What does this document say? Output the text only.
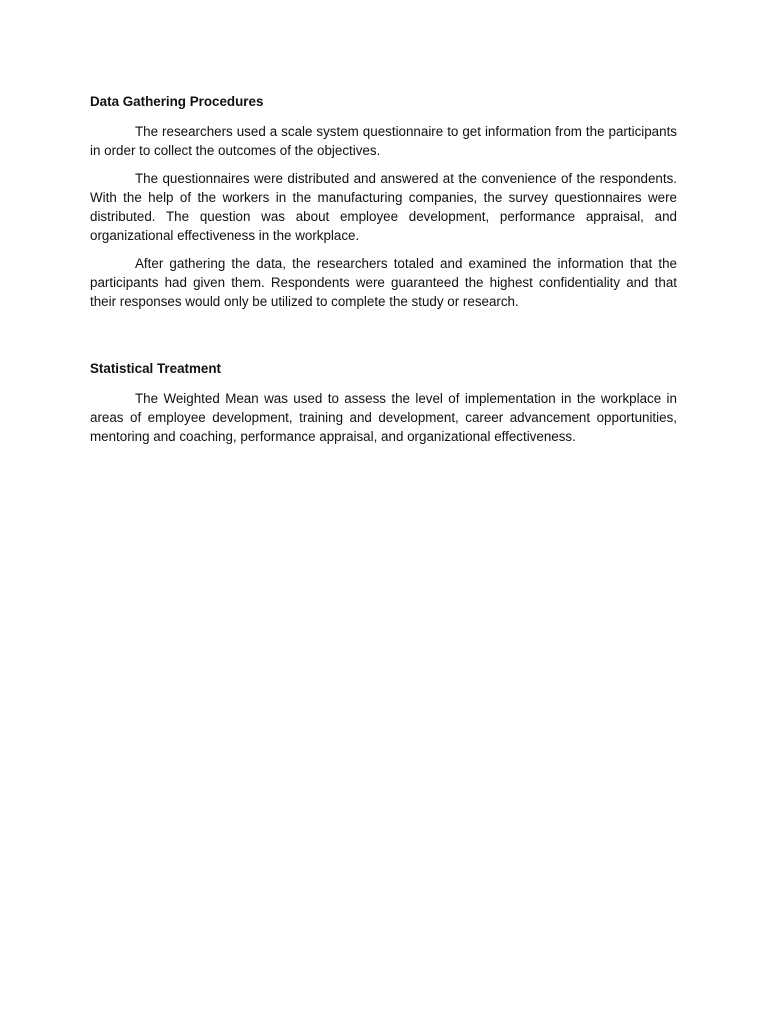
Data Gathering Procedures

The researchers used a scale system questionnaire to get information from the participants in order to collect the outcomes of the objectives.

The questionnaires were distributed and answered at the convenience of the respondents. With the help of the workers in the manufacturing companies, the survey questionnaires were distributed. The question was about employee development, performance appraisal, and organizational effectiveness in the workplace.

After gathering the data, the researchers totaled and examined the information that the participants had given them. Respondents were guaranteed the highest confidentiality and that their responses would only be utilized to complete the study or research.

Statistical Treatment

The Weighted Mean was used to assess the level of implementation in the workplace in areas of employee development, training and development, career advancement opportunities, mentoring and coaching, performance appraisal, and organizational effectiveness.
